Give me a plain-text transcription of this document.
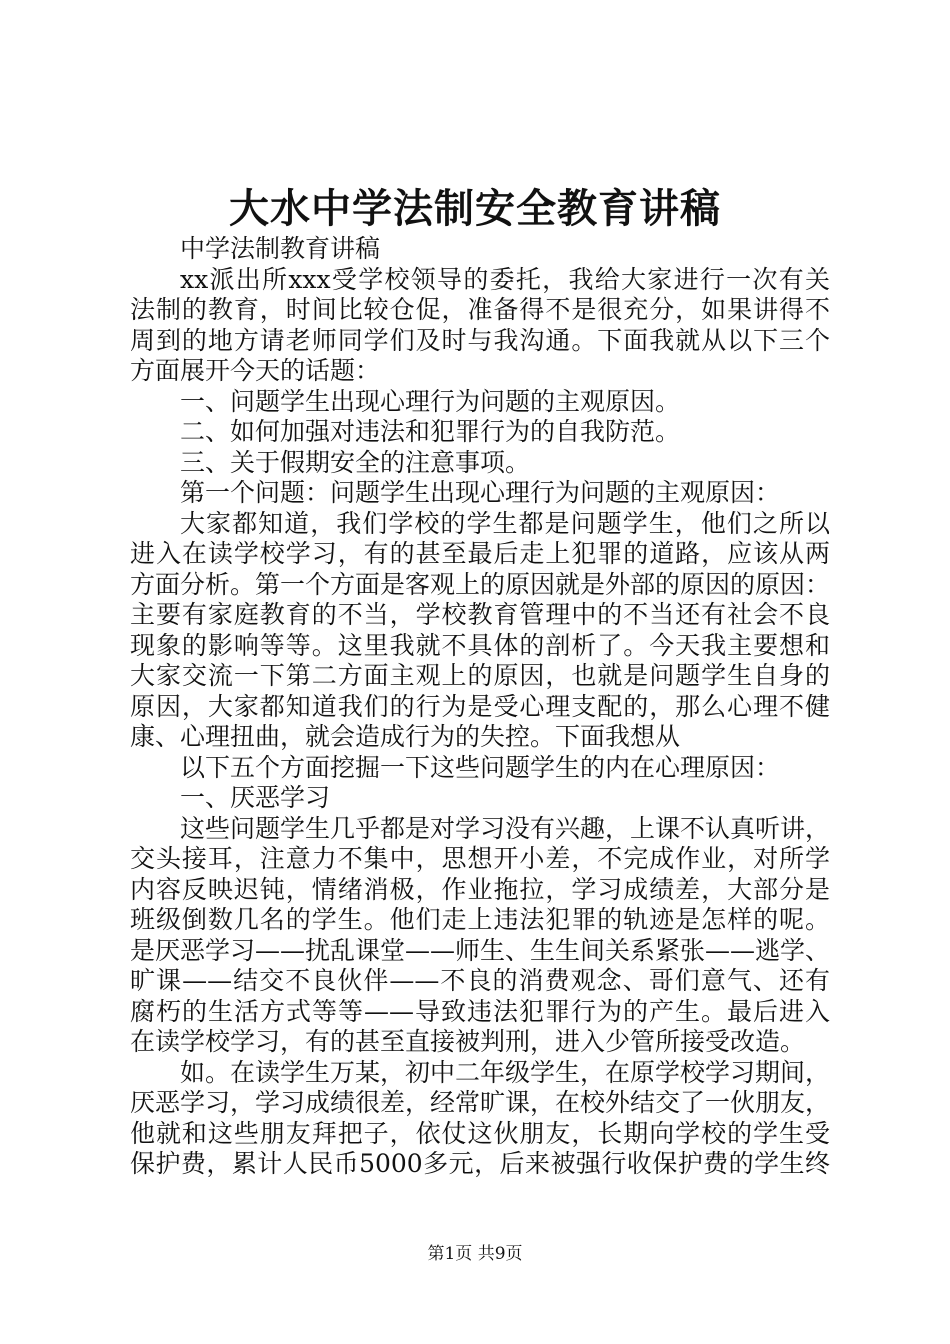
大水中学法制安全教育讲稿
中学法制教育讲稿
xx派出所xxx受学校领导的委托，我给大家进行一次有关
法制的教育，时间比较仓促，准备得不是很充分，如果讲得不
周到的地方请老师同学们及时与我沟通。下面我就从以下三个
方面展开今天的话题：
一、问题学生出现心理行为问题的主观原因。
二、如何加强对违法和犯罪行为的自我防范。
三、关于假期安全的注意事项。
第一个问题：问题学生出现心理行为问题的主观原因：
大家都知道，我们学校的学生都是问题学生，他们之所以
进入在读学校学习，有的甚至最后走上犯罪的道路，应该从两
方面分析。第一个方面是客观上的原因就是外部的原因的原因：
主要有家庭教育的不当，学校教育管理中的不当还有社会不良
现象的影响等等。这里我就不具体的剖析了。今天我主要想和
大家交流一下第二方面主观上的原因，也就是问题学生自身的
原因，大家都知道我们的行为是受心理支配的，那么心理不健
康、心理扭曲，就会造成行为的失控。下面我想从
以下五个方面挖掘一下这些问题学生的内在心理原因：
一、厌恶学习
这些问题学生几乎都是对学习没有兴趣，上课不认真听讲，
交头接耳，注意力不集中，思想开小差，不完成作业，对所学
内容反映迟钝，情绪消极，作业拖拉，学习成绩差，大部分是
班级倒数几名的学生。他们走上违法犯罪的轨迹是怎样的呢。
是厌恶学习——扰乱课堂——师生、生生间关系紧张——逃学、
旷课——结交不良伙伴——不良的消费观念、哥们意气、还有
腐朽的生活方式等等——导致违法犯罪行为的产生。最后进入
在读学校学习，有的甚至直接被判刑，进入少管所接受改造。
如。在读学生万某，初中二年级学生，在原学校学习期间，
厌恶学习，学习成绩很差，经常旷课，在校外结交了一伙朋友，
他就和这些朋友拜把子，依仗这伙朋友，长期向学校的学生受
保护费，累计人民币5000多元，后来被强行收保护费的学生终
第1页 共9页
